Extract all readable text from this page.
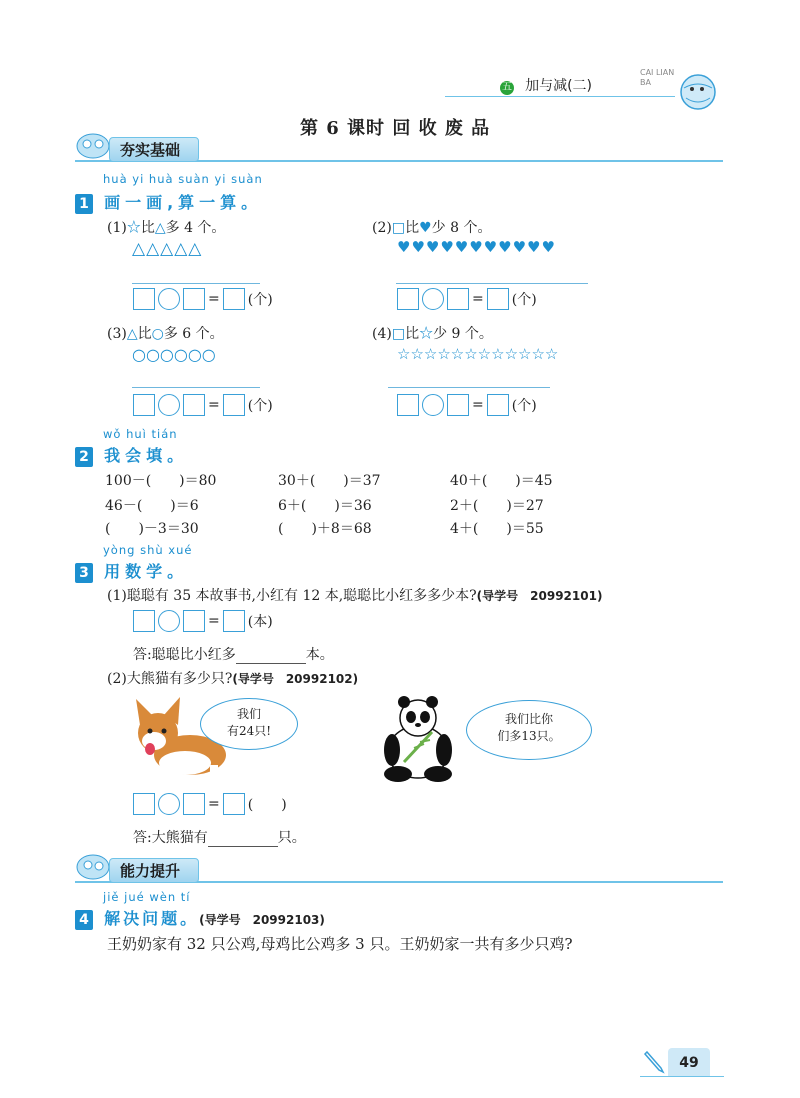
五 加与减(二)
CAI LIAN BA
第 6 课时 回 收 废 品
夯实基础
huà yi huà suàn yi suàn
1 画一画,算一算。
(1)☆比△多 4 个。
△△△△△
= (个)
(2)□比♥少 8 个。
♥♥♥♥♥♥♥♥♥♥♥
= (个)
(3)△比○多 6 个。
○○○○○○
= (个)
(4)□比☆少 9 个。
☆☆☆☆☆☆☆☆☆☆☆☆
= (个)
wǒ huì tián
2 我会填。
100－(　　)＝80	30＋(　　)＝37	40＋(　　)＝45
46－(　　)＝6	6＋(　　)＝36	2＋(　　)＝27
(　　)－3＝30	(　　)＋8＝68	4＋(　　)＝55
yòng shù xué
3 用数学。
(1)聪聪有 35 本故事书,小红有 12 本,聪聪比小红多多少本?(导学号　20992101)
= (本)
答:聪聪比小红多	本。
(2)大熊猫有多少只?(导学号　20992102)
我们
有24只!
我们比你
们多13只。
= (　　)
答:大熊猫有	只。
能力提升
jiě jué wèn tí
4 解决问题。(导学号　20992103)
王奶奶家有 32 只公鸡,母鸡比公鸡多 3 只。王奶奶家一共有多少只鸡?
49
